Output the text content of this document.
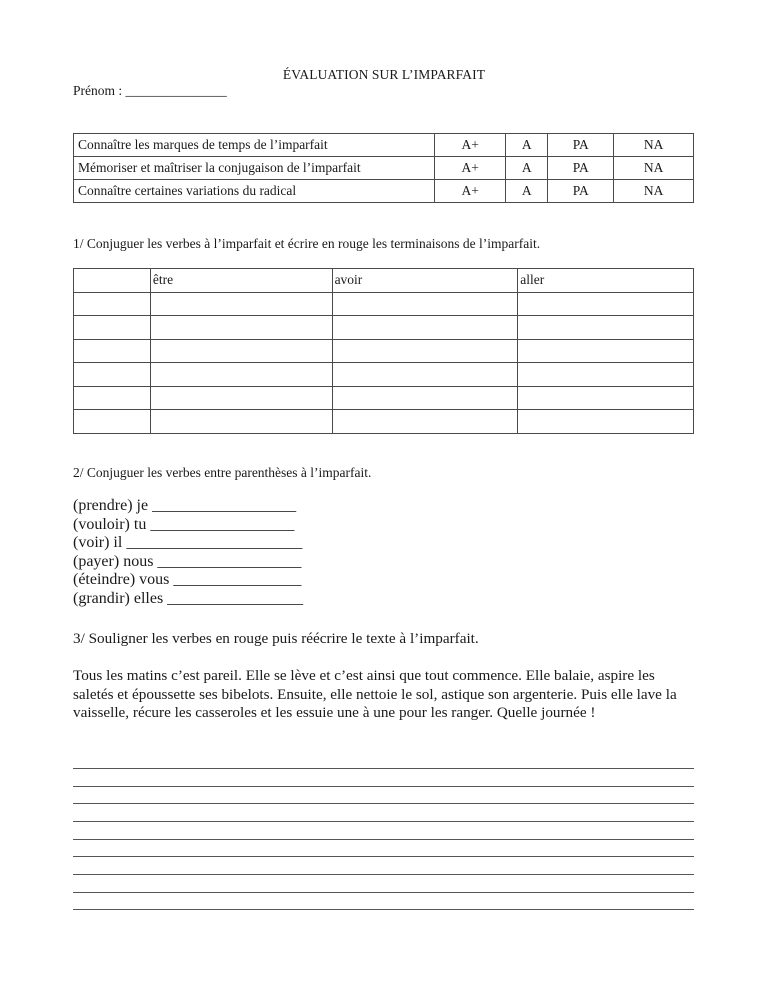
ÉVALUATION SUR L’IMPARFAIT
Prénom : _______________
Connaître les marques de temps de l’imparfait	A+	A	PA	NA
Mémoriser et maîtriser la conjugaison de l’imparfait	A+	A	PA	NA
Connaître certaines variations du radical	A+	A	PA	NA
1/ Conjuguer les verbes à l’imparfait et écrire en rouge les terminaisons de l’imparfait.
	être	avoir	aller

2/ Conjuguer les verbes entre parenthèses à l’imparfait.
(prendre) je __________________
(vouloir) tu __________________
(voir) il ______________________
(payer) nous __________________
(éteindre) vous ________________
(grandir) elles _________________
3/ Souligner les verbes en rouge puis réécrire le texte à l’imparfait.
Tous les matins c’est pareil. Elle se lève et c’est ainsi que tout commence. Elle balaie, aspire les saletés et époussette ses bibelots. Ensuite, elle nettoie le sol, astique son argenterie. Puis elle lave la vaisselle, récure les casseroles et les essuie une à une pour les ranger. Quelle journée !
